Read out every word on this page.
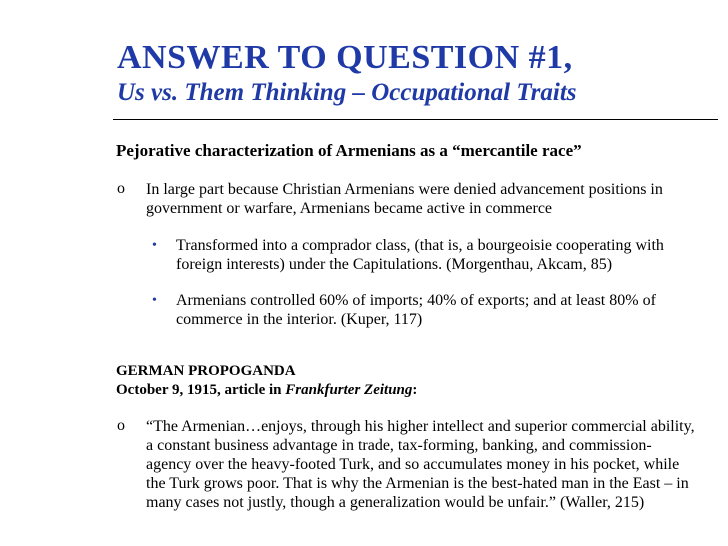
ANSWER TO QUESTION #1,
Us vs. Them Thinking – Occupational Traits
Pejorative characterization of Armenians as a “mercantile race”
o In large part because Christian Armenians were denied advancement positions in government or warfare, Armenians became active in commerce
• Transformed into a comprador class, (that is, a bourgeoisie cooperating with foreign interests) under the Capitulations. (Morgenthau, Akcam, 85)
• Armenians controlled 60% of imports; 40% of exports; and at least 80% of commerce in the interior. (Kuper, 117)
GERMAN PROPOGANDA
October 9, 1915, article in Frankfurter Zeitung:
o “The Armenian…enjoys, through his higher intellect and superior commercial ability, a constant business advantage in trade, tax-forming, banking, and commission-agency over the heavy-footed Turk, and so accumulates money in his pocket, while the Turk grows poor. That is why the Armenian is the best-hated man in the East – in many cases not justly, though a generalization would be unfair.” (Waller, 215)
